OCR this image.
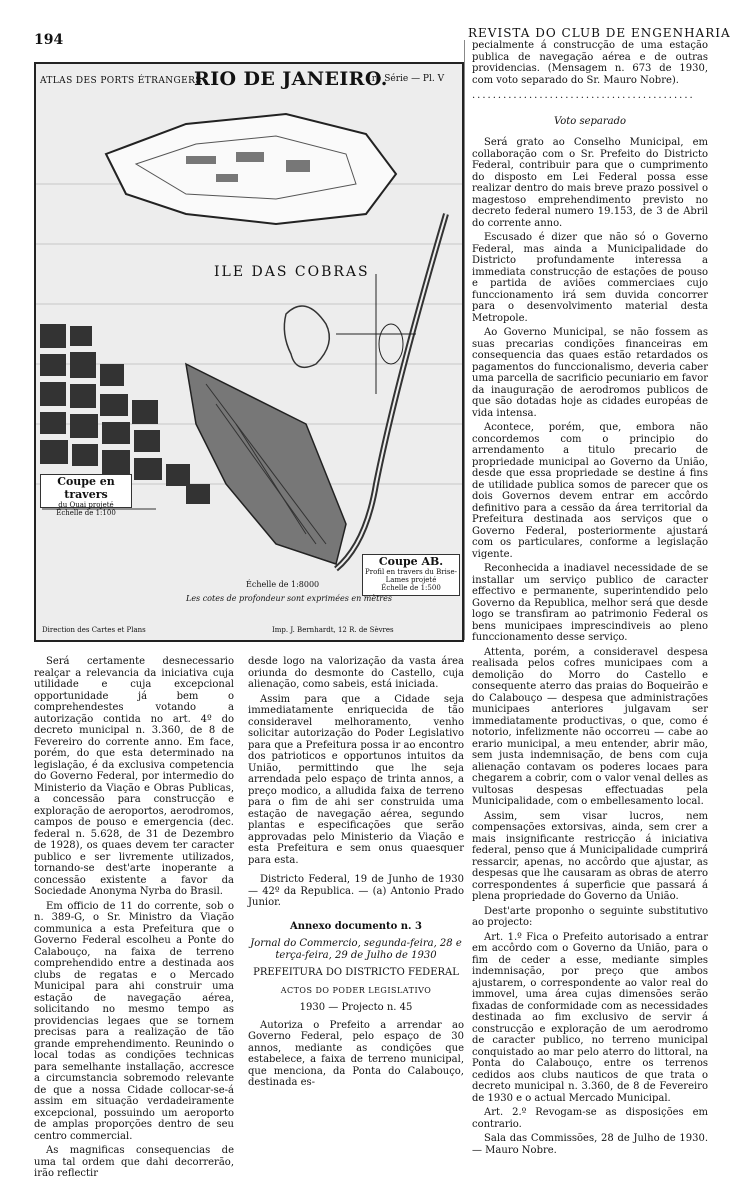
194	REVISTA DO CLUB DE ENGENHARIA
ATLAS DES PORTS ÉTRANGERS
RIO DE JANEIRO.
1re Série — Pl. V
ILE DAS COBRAS
Coupe en travers
du Quai projeté
Échelle de 1:100
Coupe AB.
Profil en travers du Brise-Lames projeté
Échelle de 1:500
Échelle de 1:8000
Les cotes de profondeur sont exprimées en mètres
Direction des Cartes et Plans	Imp. J. Bernhardt, 12 R. de Sèvres

pecialmente á construcção de uma estação publica de navegação aérea e de outras providencias. (Mensagem n. 673 de 1930, com voto separado do Sr. Mauro Nobre).

...........................................
Voto separado

Será grato ao Conselho Municipal, em collaboração com o Sr. Prefeito do Districto Federal, contribuir para que o cumprimento do disposto em Lei Federal possa esse realizar dentro do mais breve prazo possivel o magestoso emprehendimento previsto no decreto federal numero 19.153, de 3 de Abril do corrente anno.

Escusado é dizer que não só o Governo Federal, mas ainda a Municipalidade do Districto profundamente interessa a immediata construcção de estações de pouso e partida de aviões commerciaes cujo funccionamento irá sem duvida concorrer para o desenvolvimento material desta Metropole.

Ao Governo Municipal, se não fossem as suas precarias condições financeiras em consequencia das quaes estão retardados os pagamentos do funccionalismo, deveria caber uma parcella de sacrificio pecuniario em favor da inauguração de aerodromos publicos de que são dotadas hoje as cidades européas de vida intensa.

Acontece, porém, que, embora não concordemos com o principio do arrendamento a titulo precario de propriedade municipal ao Governo da União, desde que essa propriedade se destine á fins de utilidade publica somos de parecer que os dois Governos devem entrar em accôrdo definitivo para a cessão da área territorial da Prefeitura destinada aos serviços que o Governo Federal, posteriormente ajustará com os particulares, conforme a legislação vigente.

Reconhecida a inadiavel necessidade de se installar um serviço publico de caracter effectivo e permanente, superintendido pelo Governo da Republica, melhor será que desde logo se transfiram ao patrimonio Federal os bens municipaes imprescindiveis ao pleno funccionamento desse serviço.

Attenta, porém, a consideravel despesa realisada pelos cofres municipaes com a demolição do Morro do Castello e consequente aterro das praias do Boqueirão e do Calabouço — despesa que administrações municipaes anteriores julgavam ser immediatamente productivas, o que, como é notorio, infelizmente não occorreu — cabe ao erario municipal, a meu entender, abrir mão, sem justa indemnisação, de bens com cuja alienação contavam os poderes locaes para chegarem a cobrir, com o valor venal delles as vultosas despesas effectuadas pela Municipalidade, com o embellesamento local.

Assim, sem visar lucros, nem compensações extorsivas, ainda, sem crer a mais insignificante restricção á iniciativa federal, penso que á Municipalidade cumprirá ressarcir, apenas, no accôrdo que ajustar, as despesas que lhe causaram as obras de aterro correspondentes á superficie que passará á plena propriedade do Governo da União.

Dest'arte proponho o seguinte substitutivo ao projecto:

Art. 1.º Fica o Prefeito autorisado a entrar em accôrdo com o Governo da União, para o fim de ceder a esse, mediante simples indemnisação, por preço que ambos ajustarem, o correspondente ao valor real do immovel, uma área cujas dimensões serão fixadas de conformidade com as necessidades destinada ao fim exclusivo de servir á construcção e exploração de um aerodromo de caracter publico, no terreno municipal conquistado ao mar pelo aterro do littoral, na Ponta do Calabouço, entre os terrenos cedidos aos clubs nauticos de que trata o decreto municipal n. 3.360, de 8 de Fevereiro de 1930 e o actual Mercado Municipal.

Art. 2.º Revogam-se as disposições em contrario.

Sala das Commissões, 28 de Julho de 1930. — Mauro Nobre.

Será certamente desnecessario realçar a relevancia da iniciativa cuja utilidade e cuja excepcional opportunidade já bem o comprehendestes votando a autorização contida no art. 4º do decreto municipal n. 3.360, de 8 de Fevereiro do corrente anno. Em face, porém, do que esta determinado na legislação, é da exclusiva competencia do Governo Federal, por intermedio do Ministerio da Viação e Obras Publicas, a concessão para construcção e exploração de aeroportos, aerodromos, campos de pouso e emergencia (dec. federal n. 5.628, de 31 de Dezembro de 1928), os quaes devem ter caracter publico e ser livremente utilizados, tornando-se dest'arte inoperante a concessão existente a favor da Sociedade Anonyma Nyrba do Brasil.

Em officio de 11 do corrente, sob o n. 389-G, o Sr. Ministro da Viação communica a esta Prefeitura que o Governo Federal escolheu a Ponte do Calabouço, na faixa de terreno comprehendido entre a destinada aos clubs de regatas e o Mercado Municipal para ahi construir uma estação de navegação aérea, solicitando no mesmo tempo as providencias legaes que se tornem precisas para a realização de tão grande emprehendimento. Reunindo o local todas as condições technicas para semelhante installação, accresce a circumstancia sobremodo relevante de que a nossa Cidade collocar-se-á assim em situação verdadeiramente excepcional, possuindo um aeroporto de amplas proporções dentro de seu centro commercial.

As magnificas consequencias de uma tal ordem que dahi decorrerão, irão reflectir

desde logo na valorização da vasta área oriunda do desmonte do Castello, cuja alienação, como sabeis, está iniciada.

Assim para que a Cidade seja immediatamente enriquecida de tão consideravel melhoramento, venho solicitar autorização do Poder Legislativo para que a Prefeitura possa ir ao encontro dos patrioticos e opportunos intuitos da União, permittindo que lhe seja arrendada pelo espaço de trinta annos, a preço modico, a alludida faixa de terreno para o fim de ahi ser construida uma estação de navegação aérea, segundo plantas e especificações que serão approvadas pelo Ministerio da Viação e esta Prefeitura e sem onus quaesquer para esta.

Districto Federal, 19 de Junho de 1930 — 42º da Republica. — (a) Antonio Prado Junior.

Annexo documento n. 3

Jornal do Commercio, segunda-feira, 28 e terça-feira, 29 de Julho de 1930

PREFEITURA DO DISTRICTO FEDERAL

ACTOS DO PODER LEGISLATIVO

1930 — Projecto n. 45

Autoriza o Prefeito a arrendar ao Governo Federal, pelo espaço de 30 annos, mediante as condições que estabelece, a faixa de terreno municipal, que menciona, da Ponta do Calabouço, destinada es-
